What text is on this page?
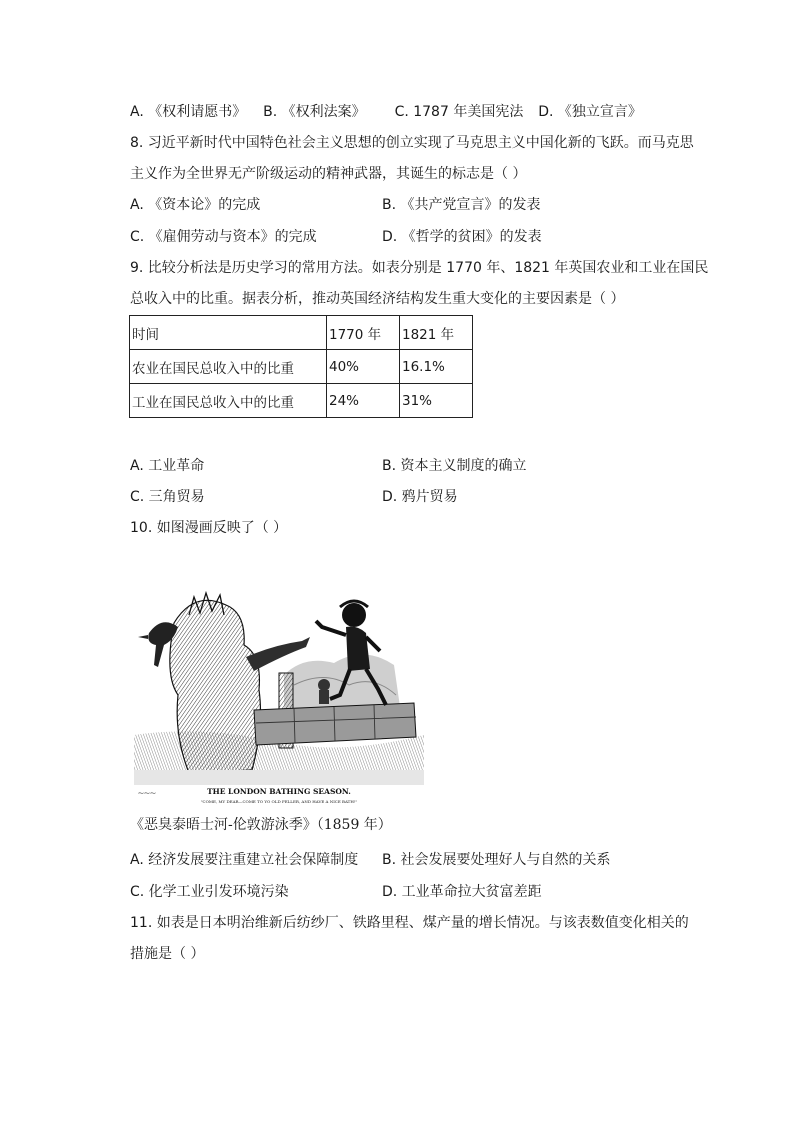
A. 《权利请愿书》 B. 《权利法案》 C. 1787 年美国宪法 D. 《独立宣言》
8. 习近平新时代中国特色社会主义思想的创立实现了马克思主义中国化新的飞跃。而马克思
主义作为全世界无产阶级运动的精神武器，其诞生的标志是（ ）
A. 《资本论》的完成	B. 《共产党宣言》的发表
C. 《雇佣劳动与资本》的完成	D. 《哲学的贫困》的发表
9. 比较分析法是历史学习的常用方法。如表分别是 1770 年、1821 年英国农业和工业在国民
总收入中的比重。据表分析，推动英国经济结构发生重大变化的主要因素是（ ）
时间	1770 年	1821 年
农业在国民总收入中的比重	40%	16.1%
工业在国民总收入中的比重	24%	31%
A. 工业革命	B. 资本主义制度的确立
C. 三角贸易	D. 鸦片贸易
10. 如图漫画反映了（ ）
⁓⁓⁓	THE LONDON BATHING SEASON.
"COME, MY DEAR—COME TO YO OLD FELLER, AND HAVE A NICE BATH!"
《恶臭泰晤士河-伦敦游泳季》（1859 年）
A. 经济发展要注重建立社会保障制度 B. 社会发展要处理好人与自然的关系
C. 化学工业引发环境污染	D. 工业革命拉大贫富差距
11. 如表是日本明治维新后纺纱厂、铁路里程、煤产量的增长情况。与该表数值变化相关的
措施是（ ）
